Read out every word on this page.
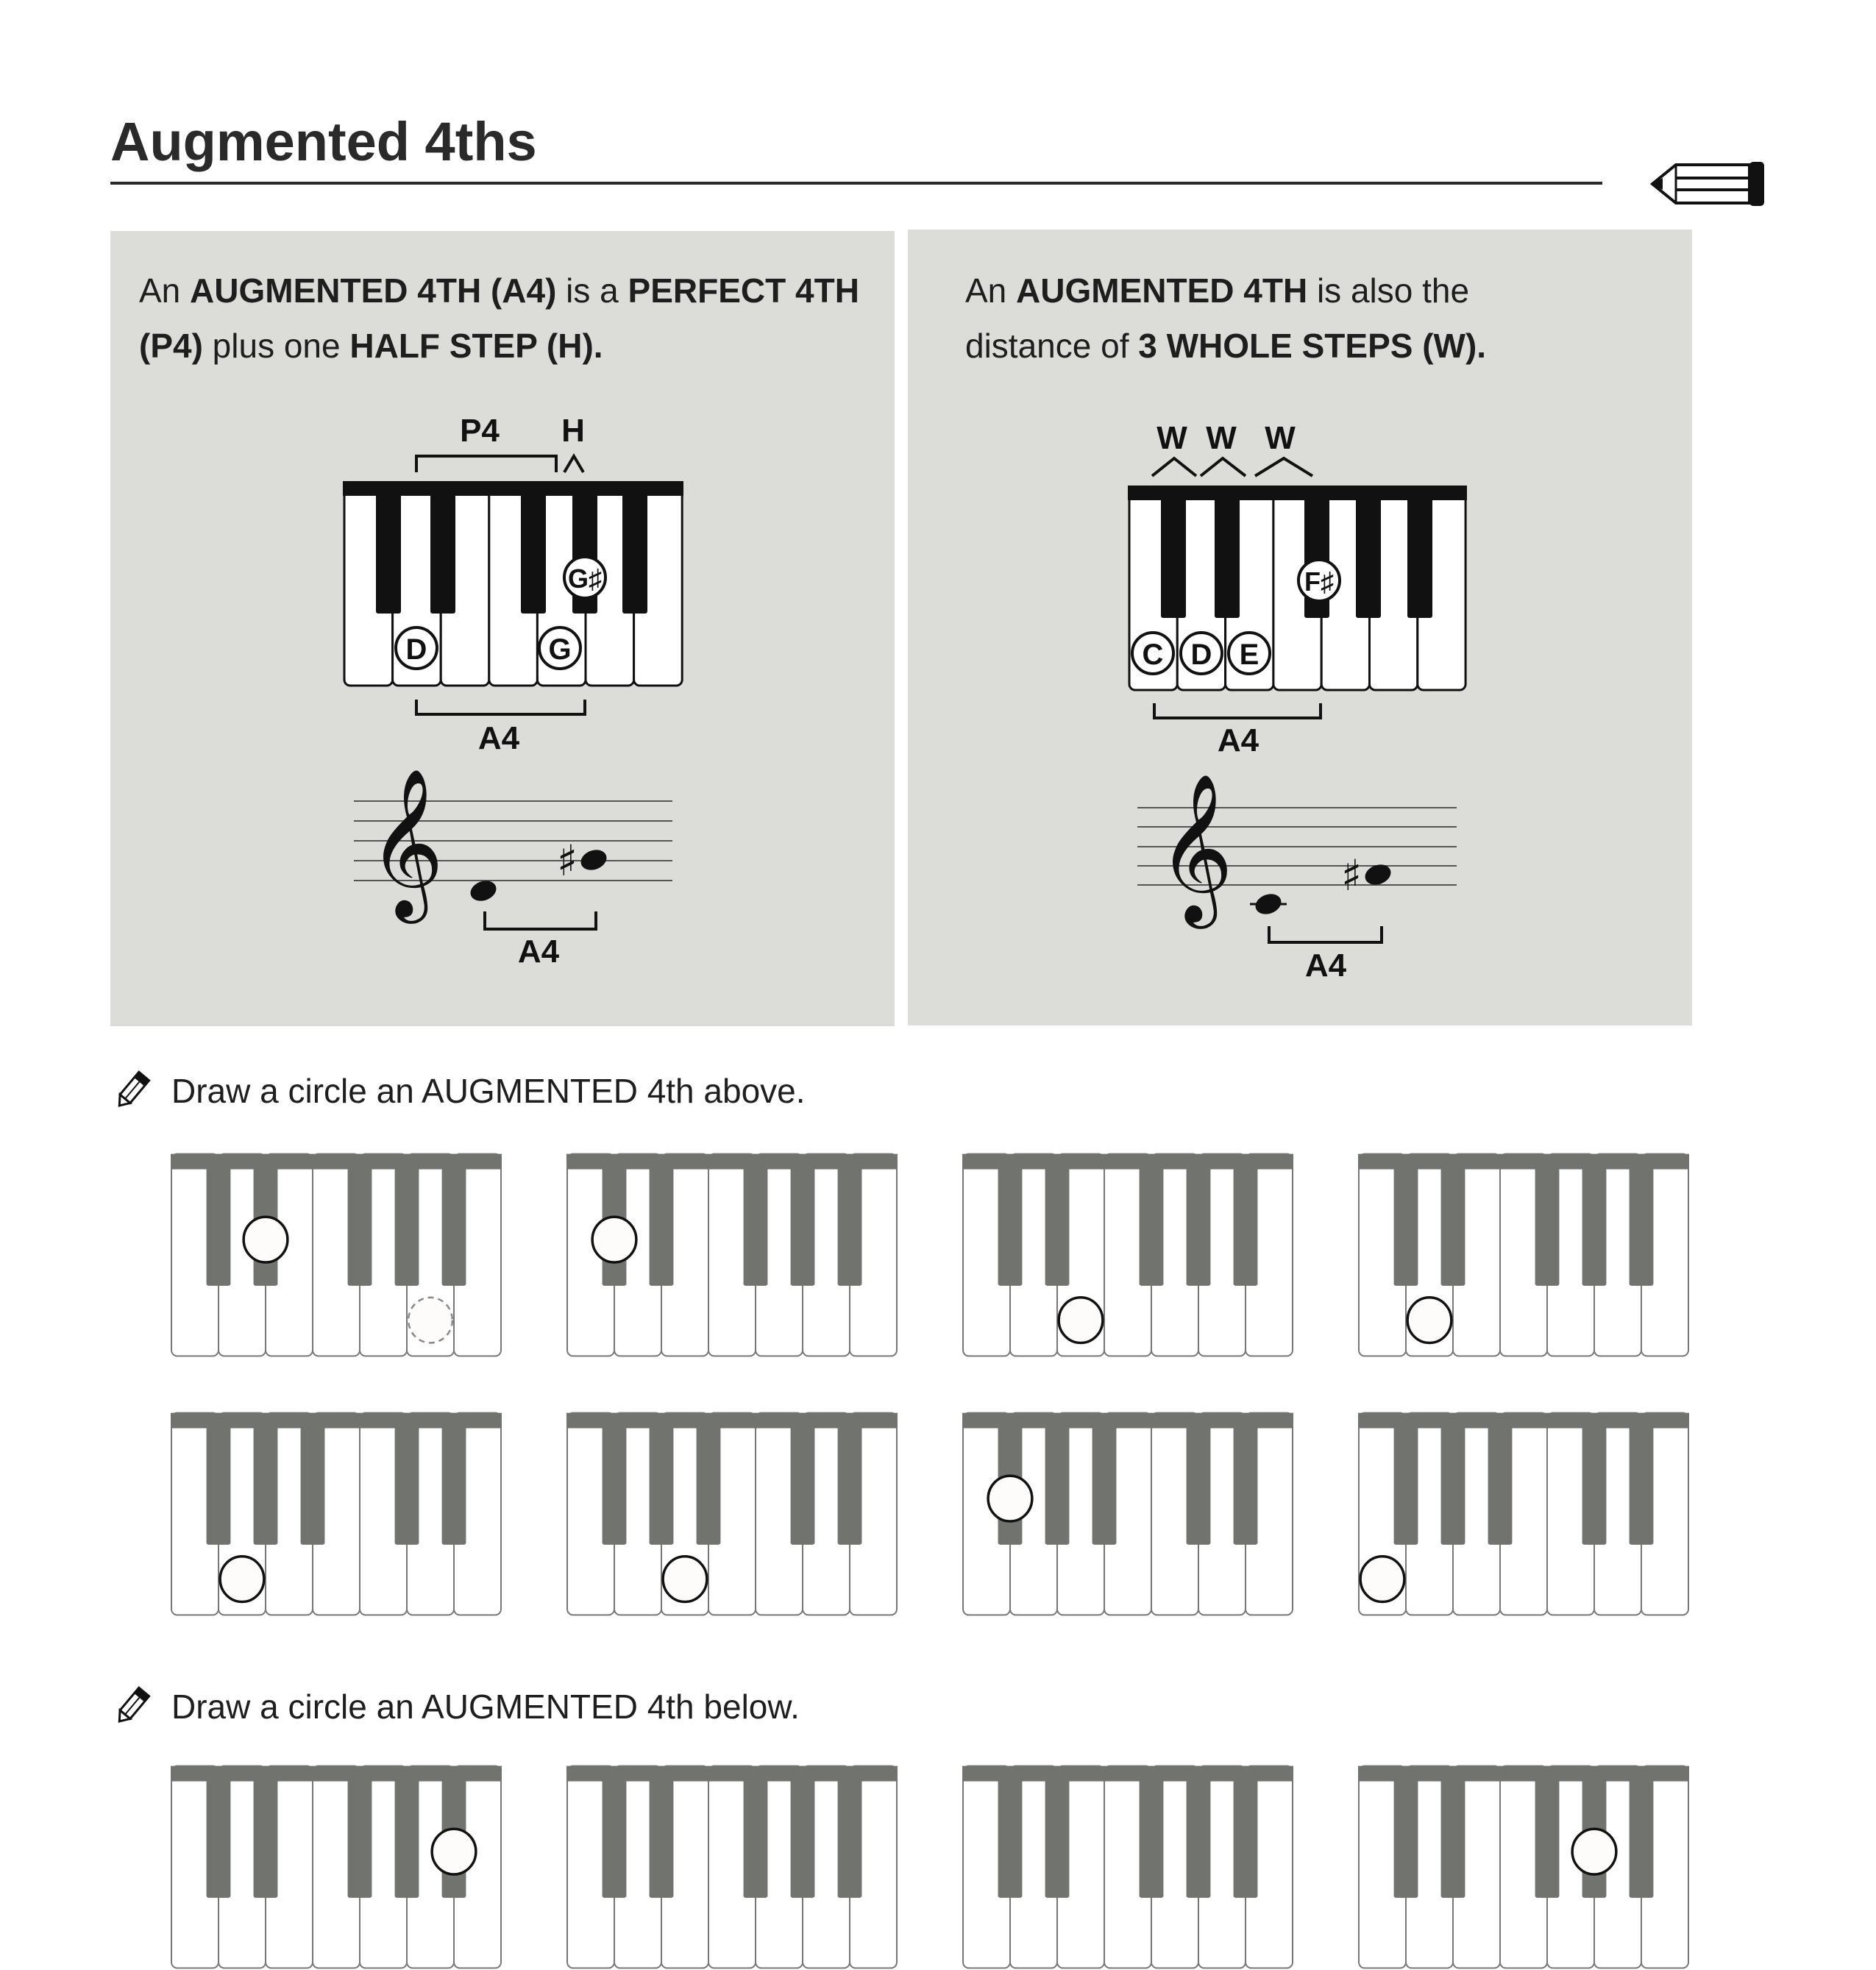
Augmented 4ths
An AUGMENTED 4TH (A4) is a PERFECT 4TH
(P4) plus one HALF STEP (H).
An AUGMENTED 4TH is also the
distance of 3 WHOLE STEPS (W).
D	G
G♯
P4 H
A4
𝄞	♯
A4
C D E
F♯
W W W
A4
𝄞	♯
A4
Draw a circle an AUGMENTED 4th above.
Draw a circle an AUGMENTED 4th below.
